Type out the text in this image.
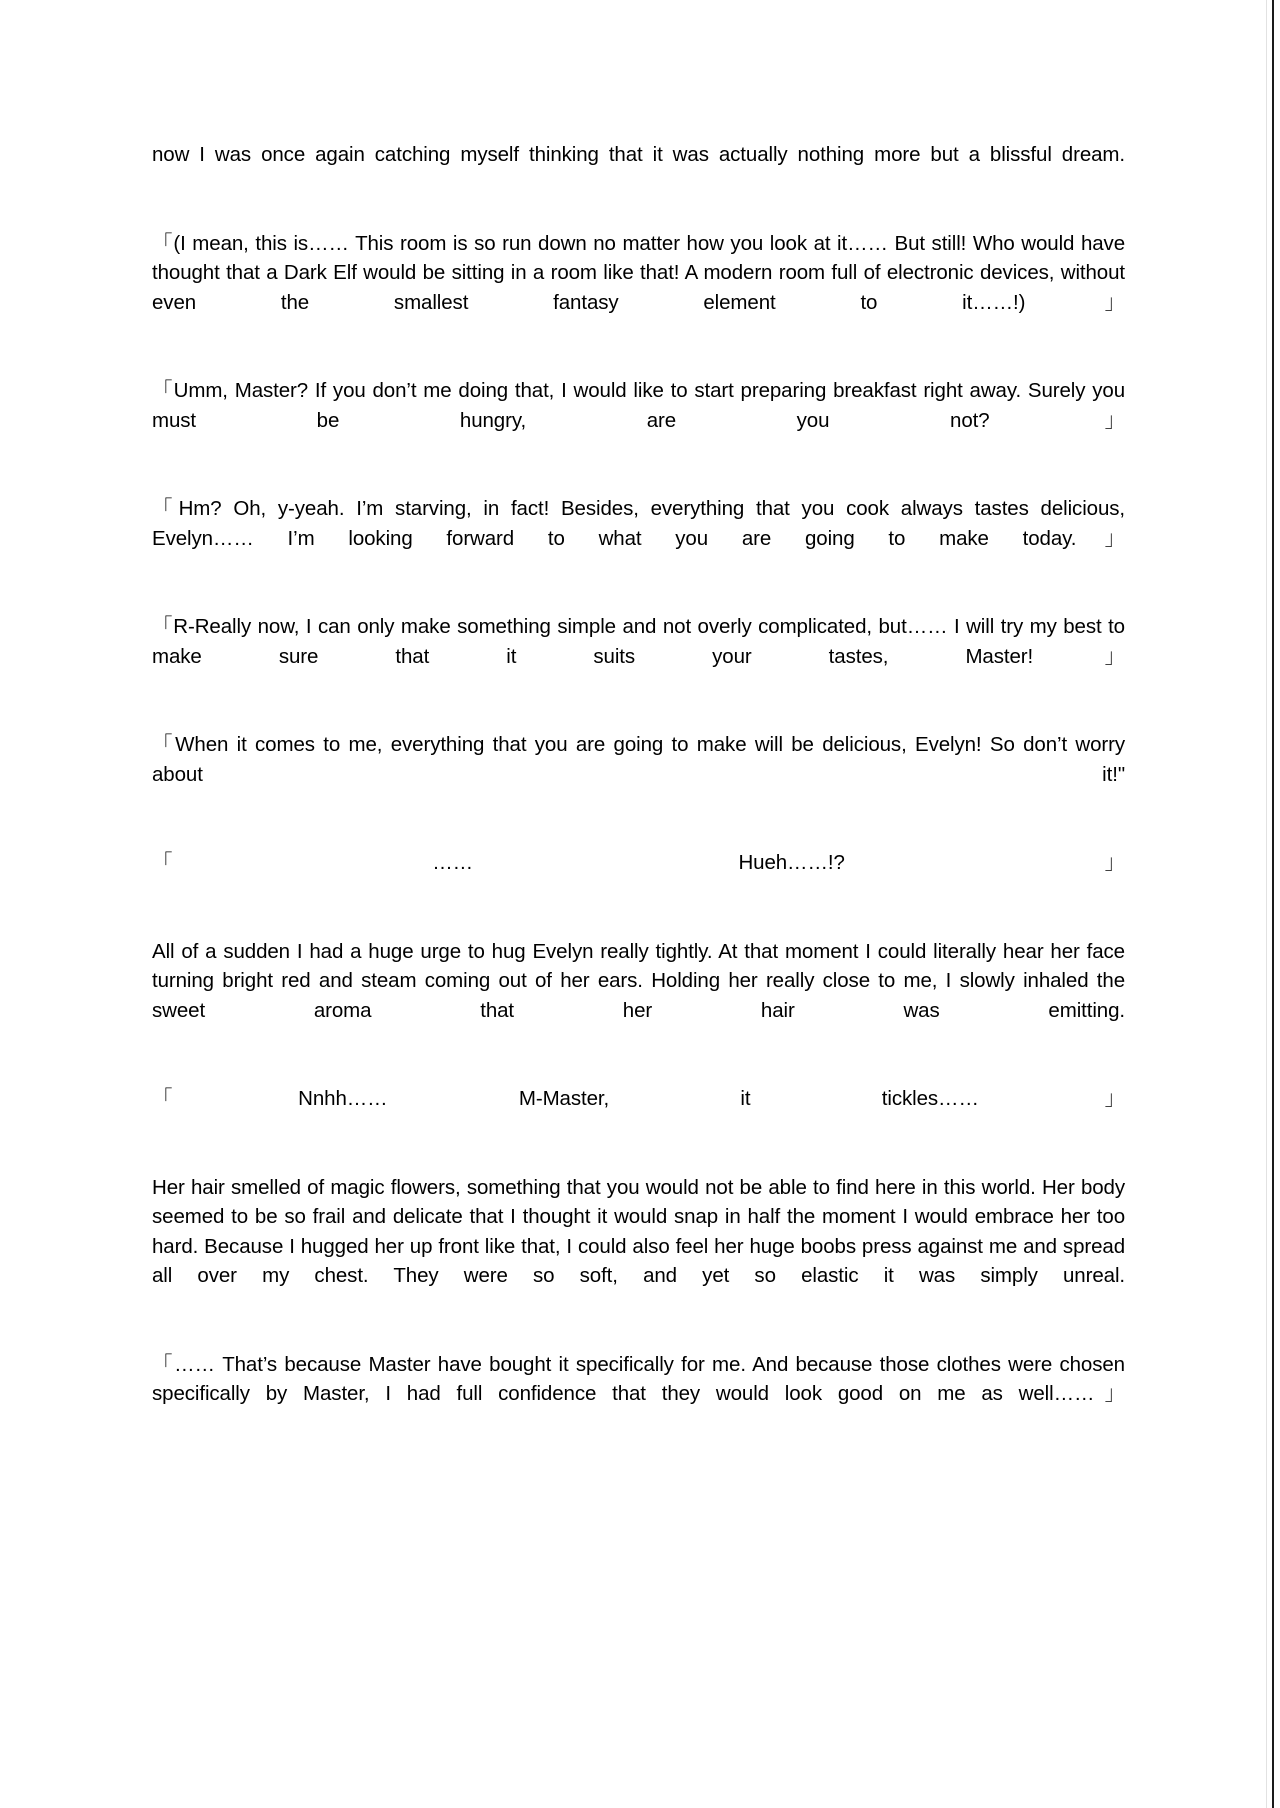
now I was once again catching myself thinking that it was actually nothing more but a blissful dream.

「(I mean, this is…… This room is so run down no matter how you look at it…… But still! Who would have thought that a Dark Elf would be sitting in a room like that! A modern room full of electronic devices, without even the smallest fantasy element to it……!)」

「Umm, Master? If you don’t me doing that, I would like to start preparing breakfast right away. Surely you must be hungry, are you not?」

「Hm? Oh, y-yeah. I’m starving, in fact! Besides, everything that you cook always tastes delicious, Evelyn…… I’m looking forward to what you are going to make today.」

「R-Really now, I can only make something simple and not overly complicated, but…… I will try my best to make sure that it suits your tastes, Master!」

「When it comes to me, everything that you are going to make will be delicious, Evelyn! So don’t worry about it!"

「…… Hueh……!?」

All of a sudden I had a huge urge to hug Evelyn really tightly. At that moment I could literally hear her face turning bright red and steam coming out of her ears. Holding her really close to me, I slowly inhaled the sweet aroma that her hair was emitting.

「Nnhh…… M-Master, it tickles……」

Her hair smelled of magic flowers, something that you would not be able to find here in this world. Her body seemed to be so frail and delicate that I thought it would snap in half the moment I would embrace her too hard. Because I hugged her up front like that, I could also feel her huge boobs press against me and spread all over my chest. They were so soft, and yet so elastic it was simply unreal.

「…… That’s because Master have bought it specifically for me. And because those clothes were chosen specifically by Master, I had full confidence that they would look good on me as well……」
